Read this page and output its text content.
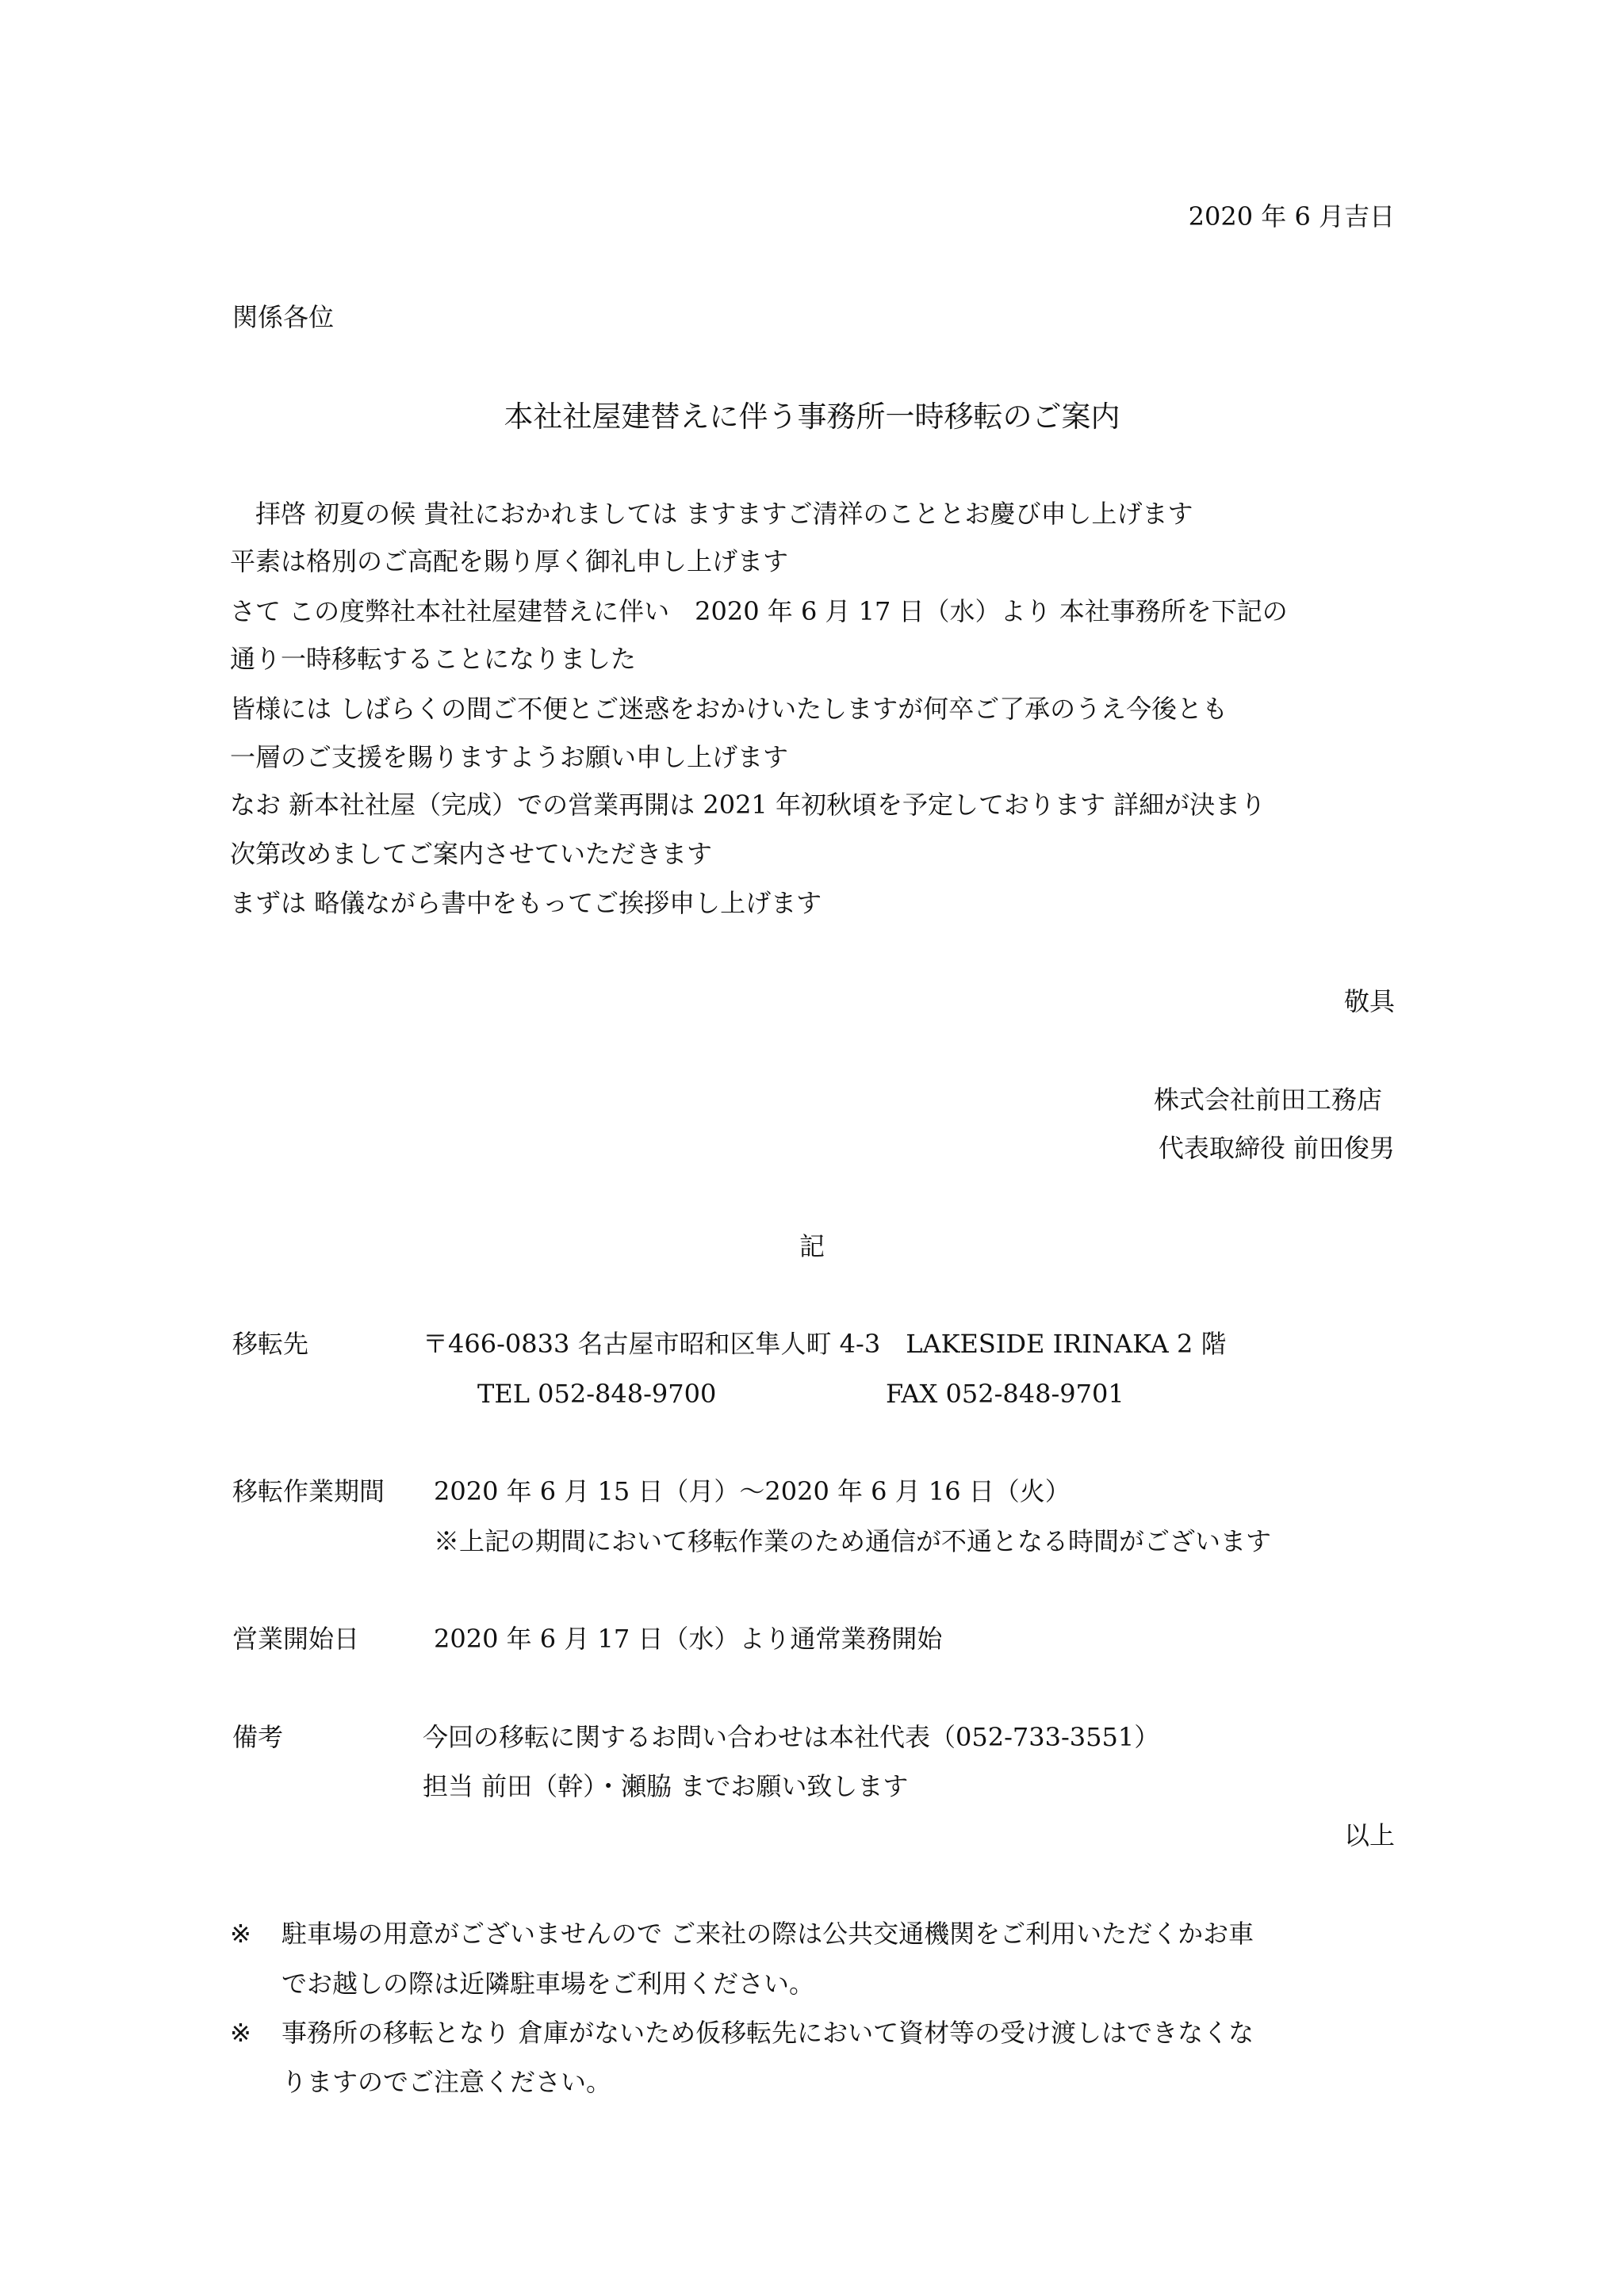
2020 年 6 月吉日
関係各位
本社社屋建替えに伴う事務所一時移転のご案内
　拝啓 初夏の候 貴社におかれましては ますますご清祥のこととお慶び申し上げます
平素は格別のご高配を賜り厚く御礼申し上げます
さて この度弊社本社社屋建替えに伴い　2020 年 6 月 17 日（水）より 本社事務所を下記の
通り一時移転することになりました
皆様には しばらくの間ご不便とご迷惑をおかけいたしますが何卒ご了承のうえ今後とも
一層のご支援を賜りますようお願い申し上げます
なお 新本社社屋（完成）での営業再開は 2021 年初秋頃を予定しております 詳細が決まり
次第改めましてご案内させていただきます
まずは 略儀ながら書中をもってご挨拶申し上げます
敬具
株式会社前田工務店
代表取締役 前田俊男
記
移転先	〒466-0833 名古屋市昭和区隼人町 4-3　LAKESIDE IRINAKA 2 階
TEL 052-848-9700	FAX 052-848-9701
移転作業期間 2020 年 6 月 15 日（月）～2020 年 6 月 16 日（火）
※上記の期間において移転作業のため通信が不通となる時間がございます
営業開始日	2020 年 6 月 17 日（水）より通常業務開始
備考	今回の移転に関するお問い合わせは本社代表（052-733-3551）
担当 前田（幹）・瀬脇 までお願い致します
以上
※ 駐車場の用意がございませんので ご来社の際は公共交通機関をご利用いただくかお車
でお越しの際は近隣駐車場をご利用ください。
※ 事務所の移転となり 倉庫がないため仮移転先において資材等の受け渡しはできなくな
りますのでご注意ください。
